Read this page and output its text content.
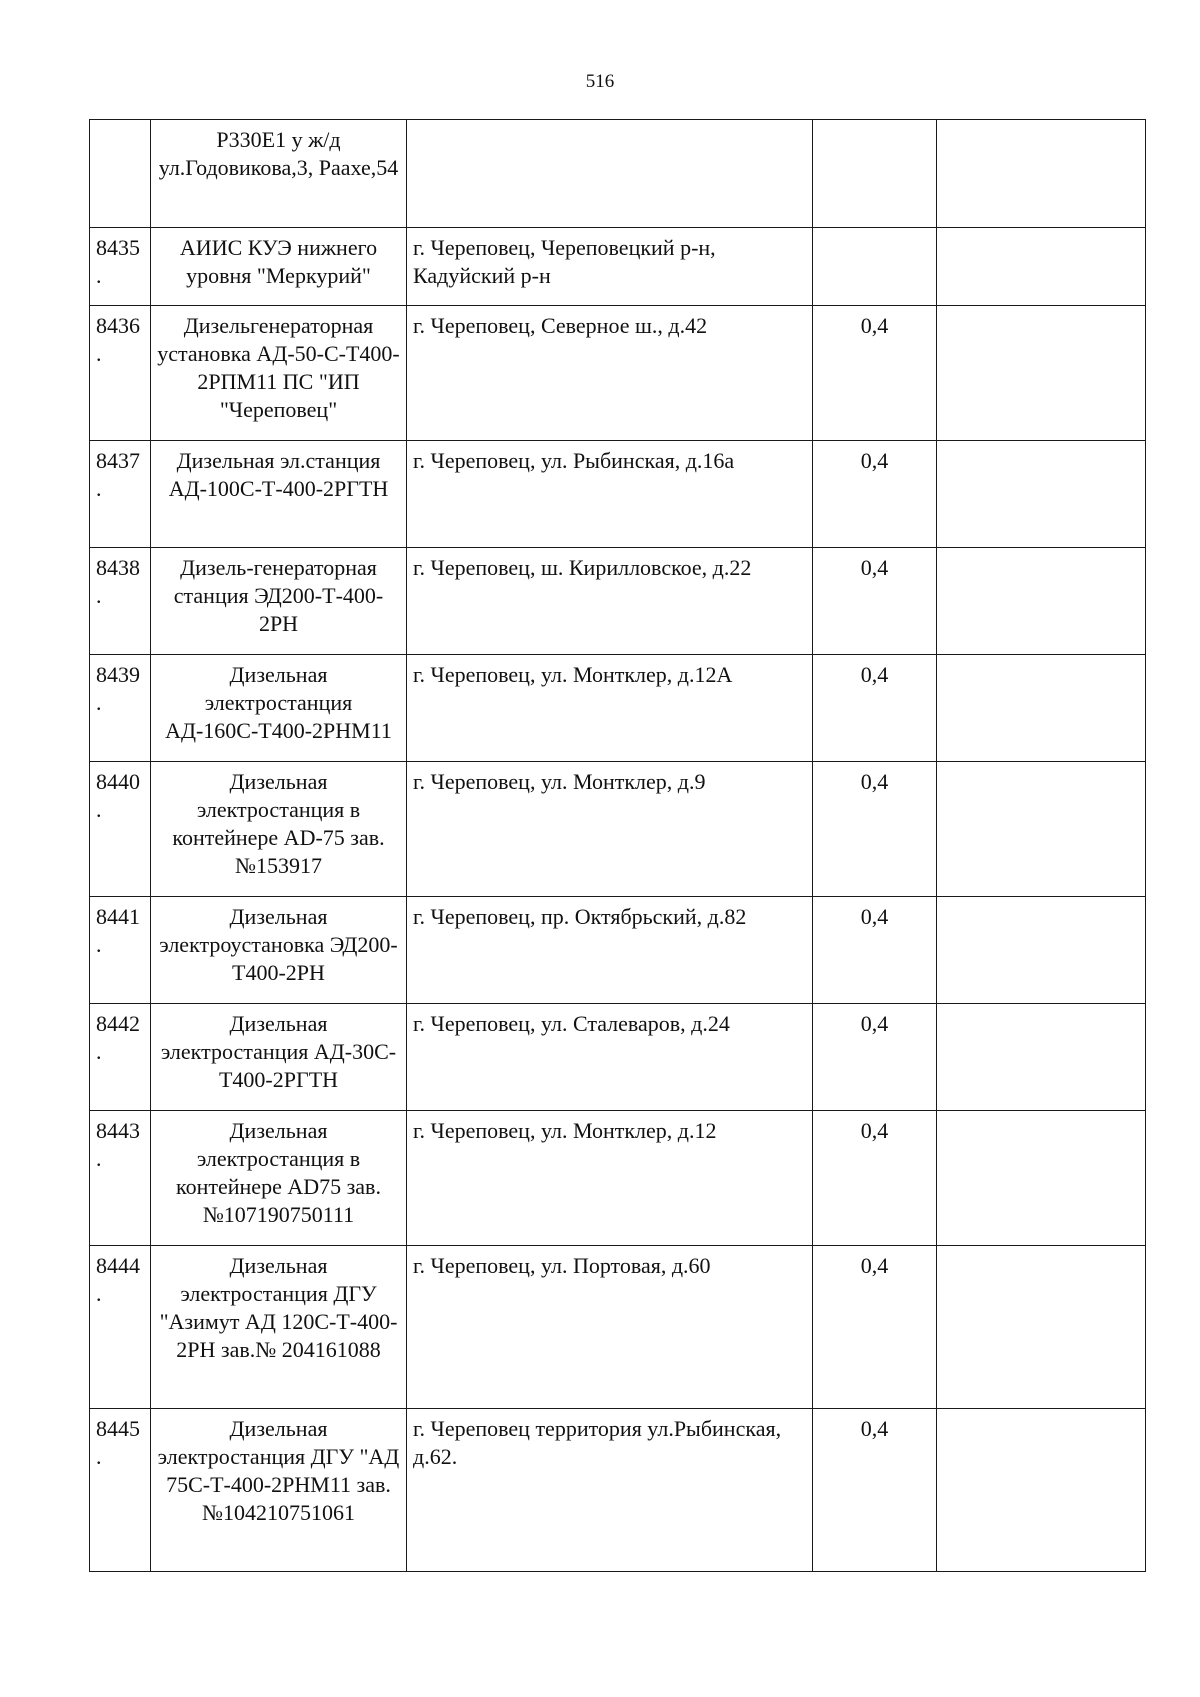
516
	Р330Е1 у ж/д ул.Годовикова,3, Раахе,54			
8435.	АИИС КУЭ нижнего уровня "Меркурий"	г. Череповец, Череповецкий р-н, Кадуйский р-н		
8436.	Дизельгенераторная установка АД-50-С-Т400-2РПМ11 ПС "ИП "Череповец"	г. Череповец, Северное ш., д.42	0,4	
8437.	Дизельная эл.станция АД-100С-Т-400-2РГТН	г. Череповец, ул. Рыбинская, д.16а	0,4	
8438.	Дизель-генераторная станция ЭД200-Т-400-2РН	г. Череповец, ш. Кирилловское, д.22	0,4	
8439.	Дизельная электростанция АД-160С-Т400-2РНМ11	г. Череповец, ул. Монтклер, д.12А	0,4	
8440.	Дизельная электростанция в контейнере AD-75 зав.№153917	г. Череповец, ул. Монтклер, д.9	0,4	
8441.	Дизельная электроустановка ЭД200-Т400-2РН	г. Череповец, пр. Октябрьский, д.82	0,4	
8442.	Дизельная электростанция АД-30С-Т400-2РГТН	г. Череповец, ул. Сталеваров, д.24	0,4	
8443.	Дизельная электростанция в контейнере AD75 зав.№107190750111	г. Череповец, ул. Монтклер, д.12	0,4	
8444.	Дизельная электростанция ДГУ "Азимут АД 120С-Т-400-2РН зав.№ 204161088	г. Череповец, ул. Портовая, д.60	0,4	
8445.	Дизельная электростанция ДГУ "АД 75С-Т-400-2РНМ11 зав.№104210751061	г. Череповец территория ул.Рыбинская, д.62.	0,4	
